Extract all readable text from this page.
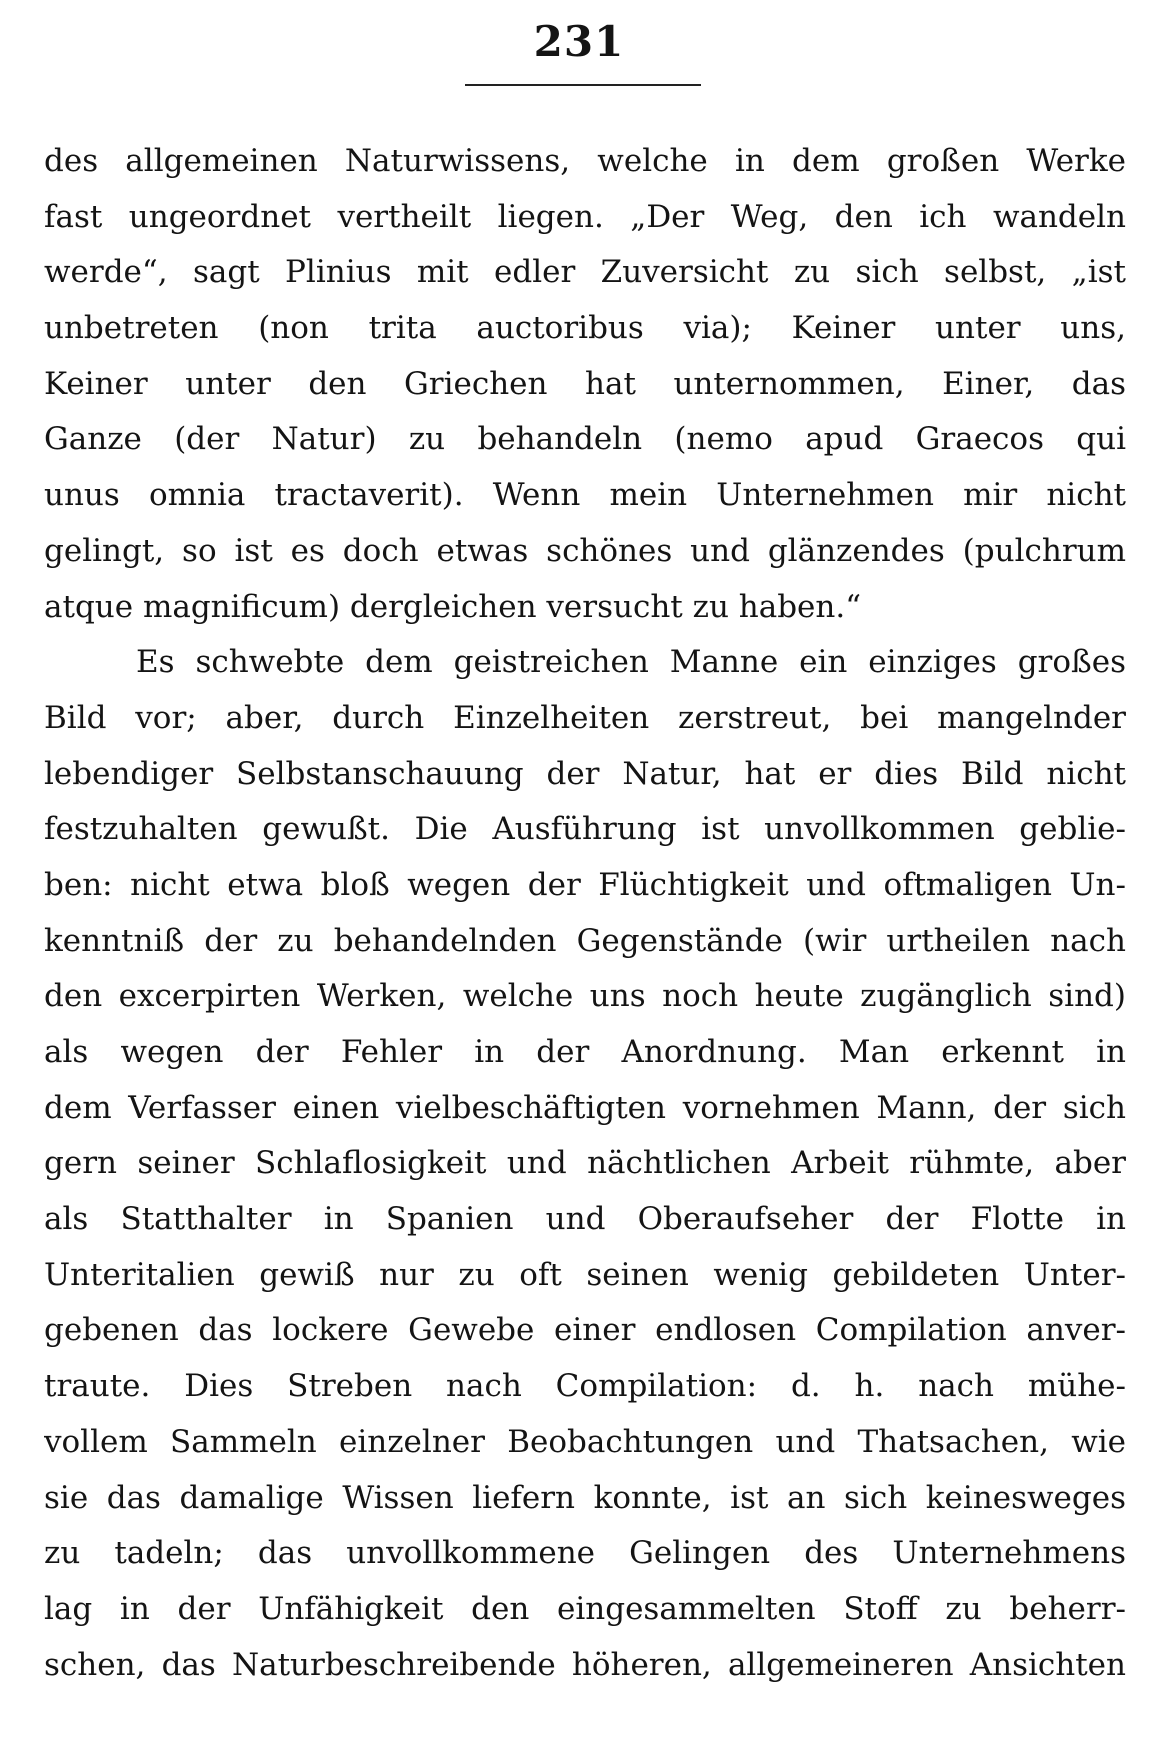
231
des allgemeinen Naturwissens, welche in dem großen Werke
fast ungeordnet vertheilt liegen. „Der Weg, den ich wandeln
werde“, sagt Plinius mit edler Zuversicht zu sich selbst, „ist
unbetreten (non trita auctoribus via); Keiner unter uns,
Keiner unter den Griechen hat unternommen, Einer, das
Ganze (der Natur) zu behandeln (nemo apud Graecos qui
unus omnia tractaverit). Wenn mein Unternehmen mir nicht
gelingt, so ist es doch etwas schönes und glänzendes (pulchrum
atque magnificum) dergleichen versucht zu haben.“
Es schwebte dem geistreichen Manne ein einziges großes
Bild vor; aber, durch Einzelheiten zerstreut, bei mangelnder
lebendiger Selbstanschauung der Natur, hat er dies Bild nicht
festzuhalten gewußt. Die Ausführung ist unvollkommen geblie-
ben: nicht etwa bloß wegen der Flüchtigkeit und oftmaligen Un-
kenntniß der zu behandelnden Gegenstände (wir urtheilen nach
den excerpirten Werken, welche uns noch heute zugänglich sind)
als wegen der Fehler in der Anordnung. Man erkennt in
dem Verfasser einen vielbeschäftigten vornehmen Mann, der sich
gern seiner Schlaflosigkeit und nächtlichen Arbeit rühmte, aber
als Statthalter in Spanien und Oberaufseher der Flotte in
Unteritalien gewiß nur zu oft seinen wenig gebildeten Unter-
gebenen das lockere Gewebe einer endlosen Compilation anver-
traute. Dies Streben nach Compilation: d. h. nach mühe-
vollem Sammeln einzelner Beobachtungen und Thatsachen, wie
sie das damalige Wissen liefern konnte, ist an sich keinesweges
zu tadeln; das unvollkommene Gelingen des Unternehmens
lag in der Unfähigkeit den eingesammelten Stoff zu beherr-
schen, das Naturbeschreibende höheren, allgemeineren Ansichten
